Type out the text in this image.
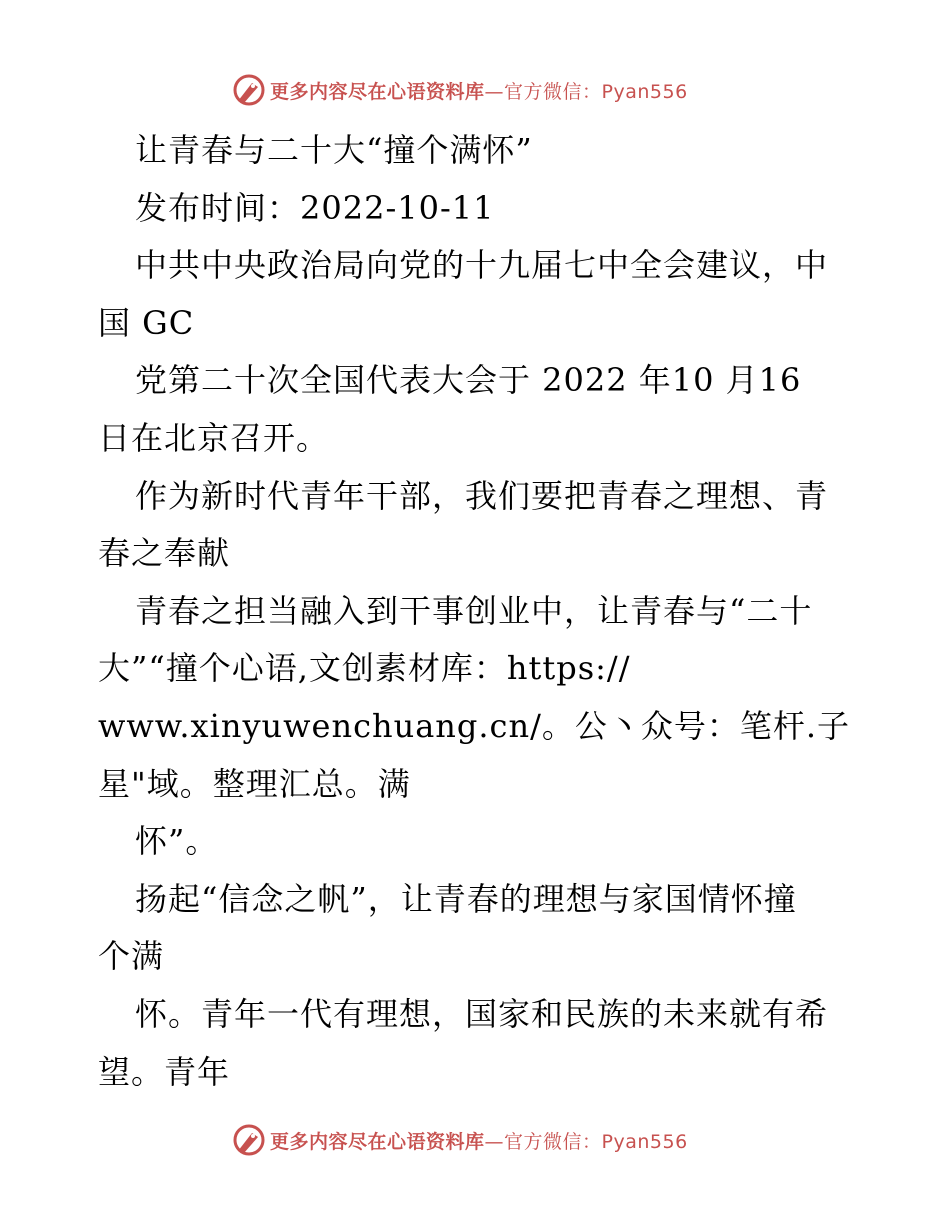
更多内容尽在心语资料库—官方微信：Pyan556
让青春与二十大“撞个满怀”
发布时间：2022-10-11
中共中央政治局向党的十九届七中全会建议，中
国 GC
党第二十次全国代表大会于 2022 年10 月16
日在北京召开。
作为新时代青年干部，我们要把青春之理想、青
春之奉献
青春之担当融入到干事创业中，让青春与“二十
大”“撞个心语,文创素材库：https://
www.xinyuwenchuang.cn/。公丶众号：笔杆.子
星"域。整理汇总。满
怀”。
扬起“信念之帆”，让青春的理想与家国情怀撞
个满
怀。青年一代有理想，国家和民族的未来就有希
望。青年
更多内容尽在心语资料库—官方微信：Pyan556
